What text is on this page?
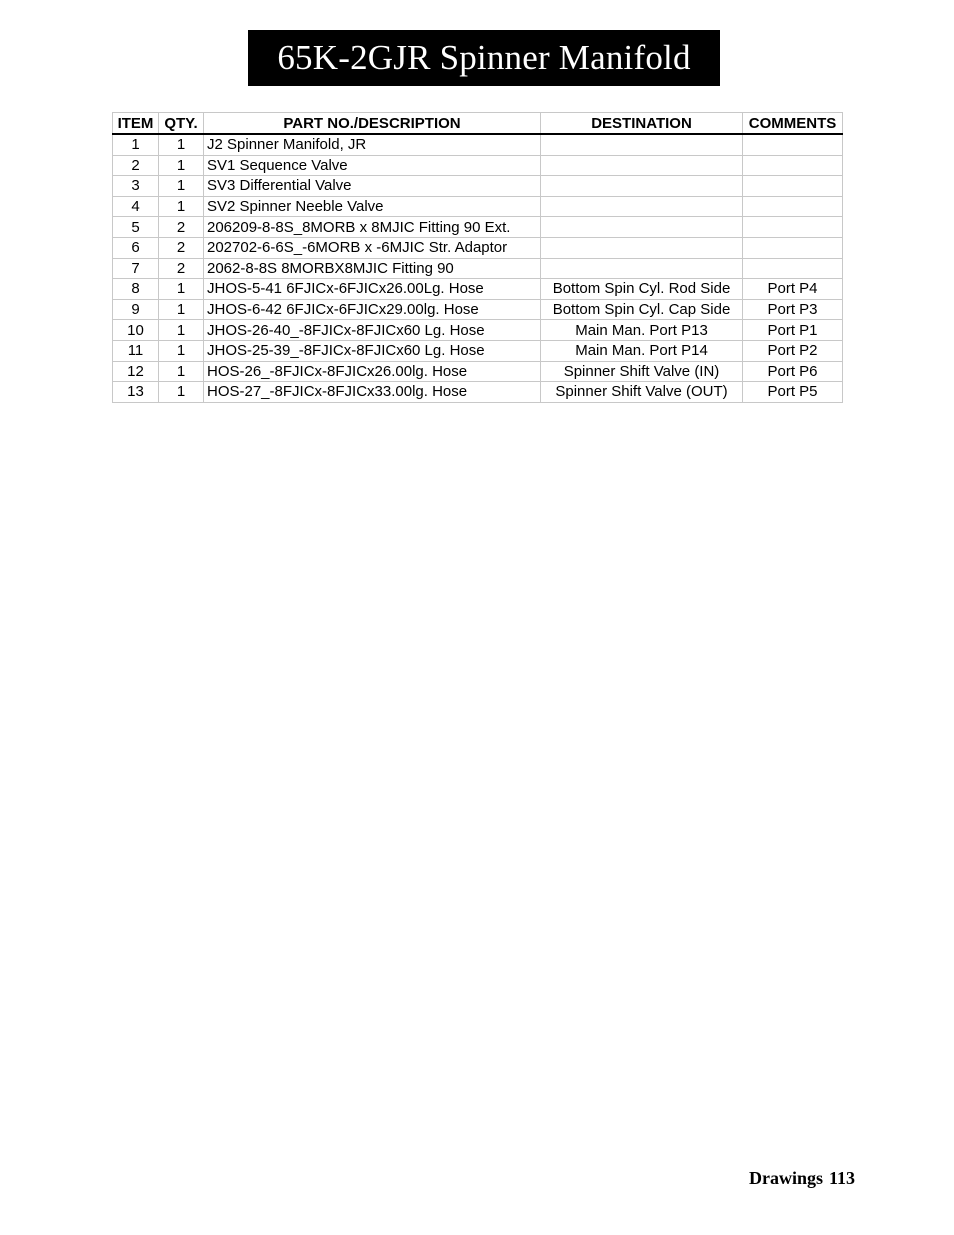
65K-2GJR Spinner Manifold
ITEM	QTY.	PART NO./DESCRIPTION	DESTINATION	COMMENTS
1	1	J2 Spinner Manifold, JR		
2	1	SV1 Sequence Valve		
3	1	SV3 Differential Valve		
4	1	SV2 Spinner Neeble Valve		
5	2	206209-8-8S_8MORB x 8MJIC Fitting 90 Ext.		
6	2	202702-6-6S_-6MORB x -6MJIC Str. Adaptor		
7	2	2062-8-8S 8MORBX8MJIC Fitting 90		
8	1	JHOS-5-41 6FJICx-6FJICx26.00Lg. Hose	Bottom Spin Cyl. Rod Side	Port P4
9	1	JHOS-6-42 6FJICx-6FJICx29.00lg. Hose	Bottom Spin Cyl. Cap Side	Port P3
10	1	JHOS-26-40_-8FJICx-8FJICx60 Lg. Hose	Main Man. Port P13	Port P1
11	1	JHOS-25-39_-8FJICx-8FJICx60 Lg. Hose	Main Man. Port P14	Port P2
12	1	HOS-26_-8FJICx-8FJICx26.00lg. Hose	Spinner Shift Valve (IN)	Port P6
13	1	HOS-27_-8FJICx-8FJICx33.00lg. Hose	Spinner Shift Valve (OUT)	Port P5
Drawings 113
